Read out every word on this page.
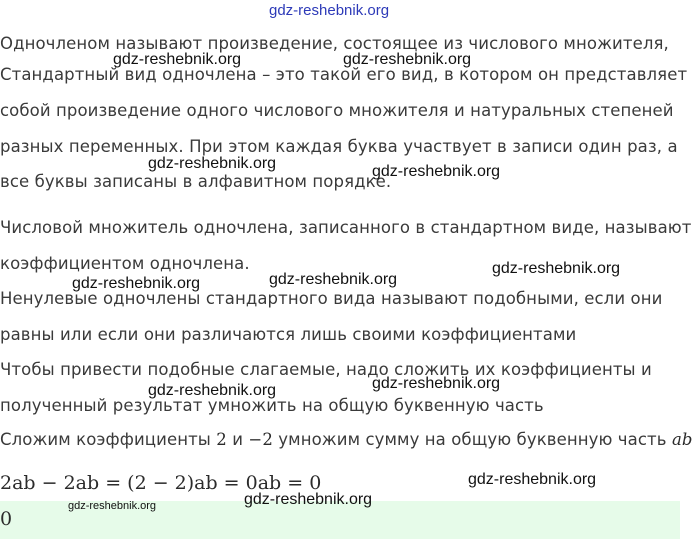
gdz-reshebnik.org
Одночленом называют произведение, состоящее из числового множителя,
Стандартный вид одночлена – это такой его вид, в котором он представляет
собой произведение одного числового множителя и натуральных степеней
разных переменных. При этом каждая буква участвует в записи один раз, а
все буквы записаны в алфавитном порядке.
Числовой множитель одночлена, записанного в стандартном виде, называют
коэффициентом одночлена.
Ненулевые одночлены стандартного вида называют подобными, если они
равны или если они различаются лишь своими коэффициентами
Чтобы привести подобные слагаемые, надо сложить их коэффициенты и
полученный результат умножить на общую буквенную часть
Сложим коэффициенты 2 и −2 умножим сумму на общую буквенную часть ab
2ab − 2ab = (2 − 2)ab = 0ab = 0
0
gdz-reshebnik.org	gdz-reshebnik.org
gdz-reshebnik.org	gdz-reshebnik.org
gdz-reshebnik.org
gdz-reshebnik.org
gdz-reshebnik.org
gdz-reshebnik.org
gdz-reshebnik.org
gdz-reshebnik.org
gdz-reshebnik.org
gdz-reshebnik.org
